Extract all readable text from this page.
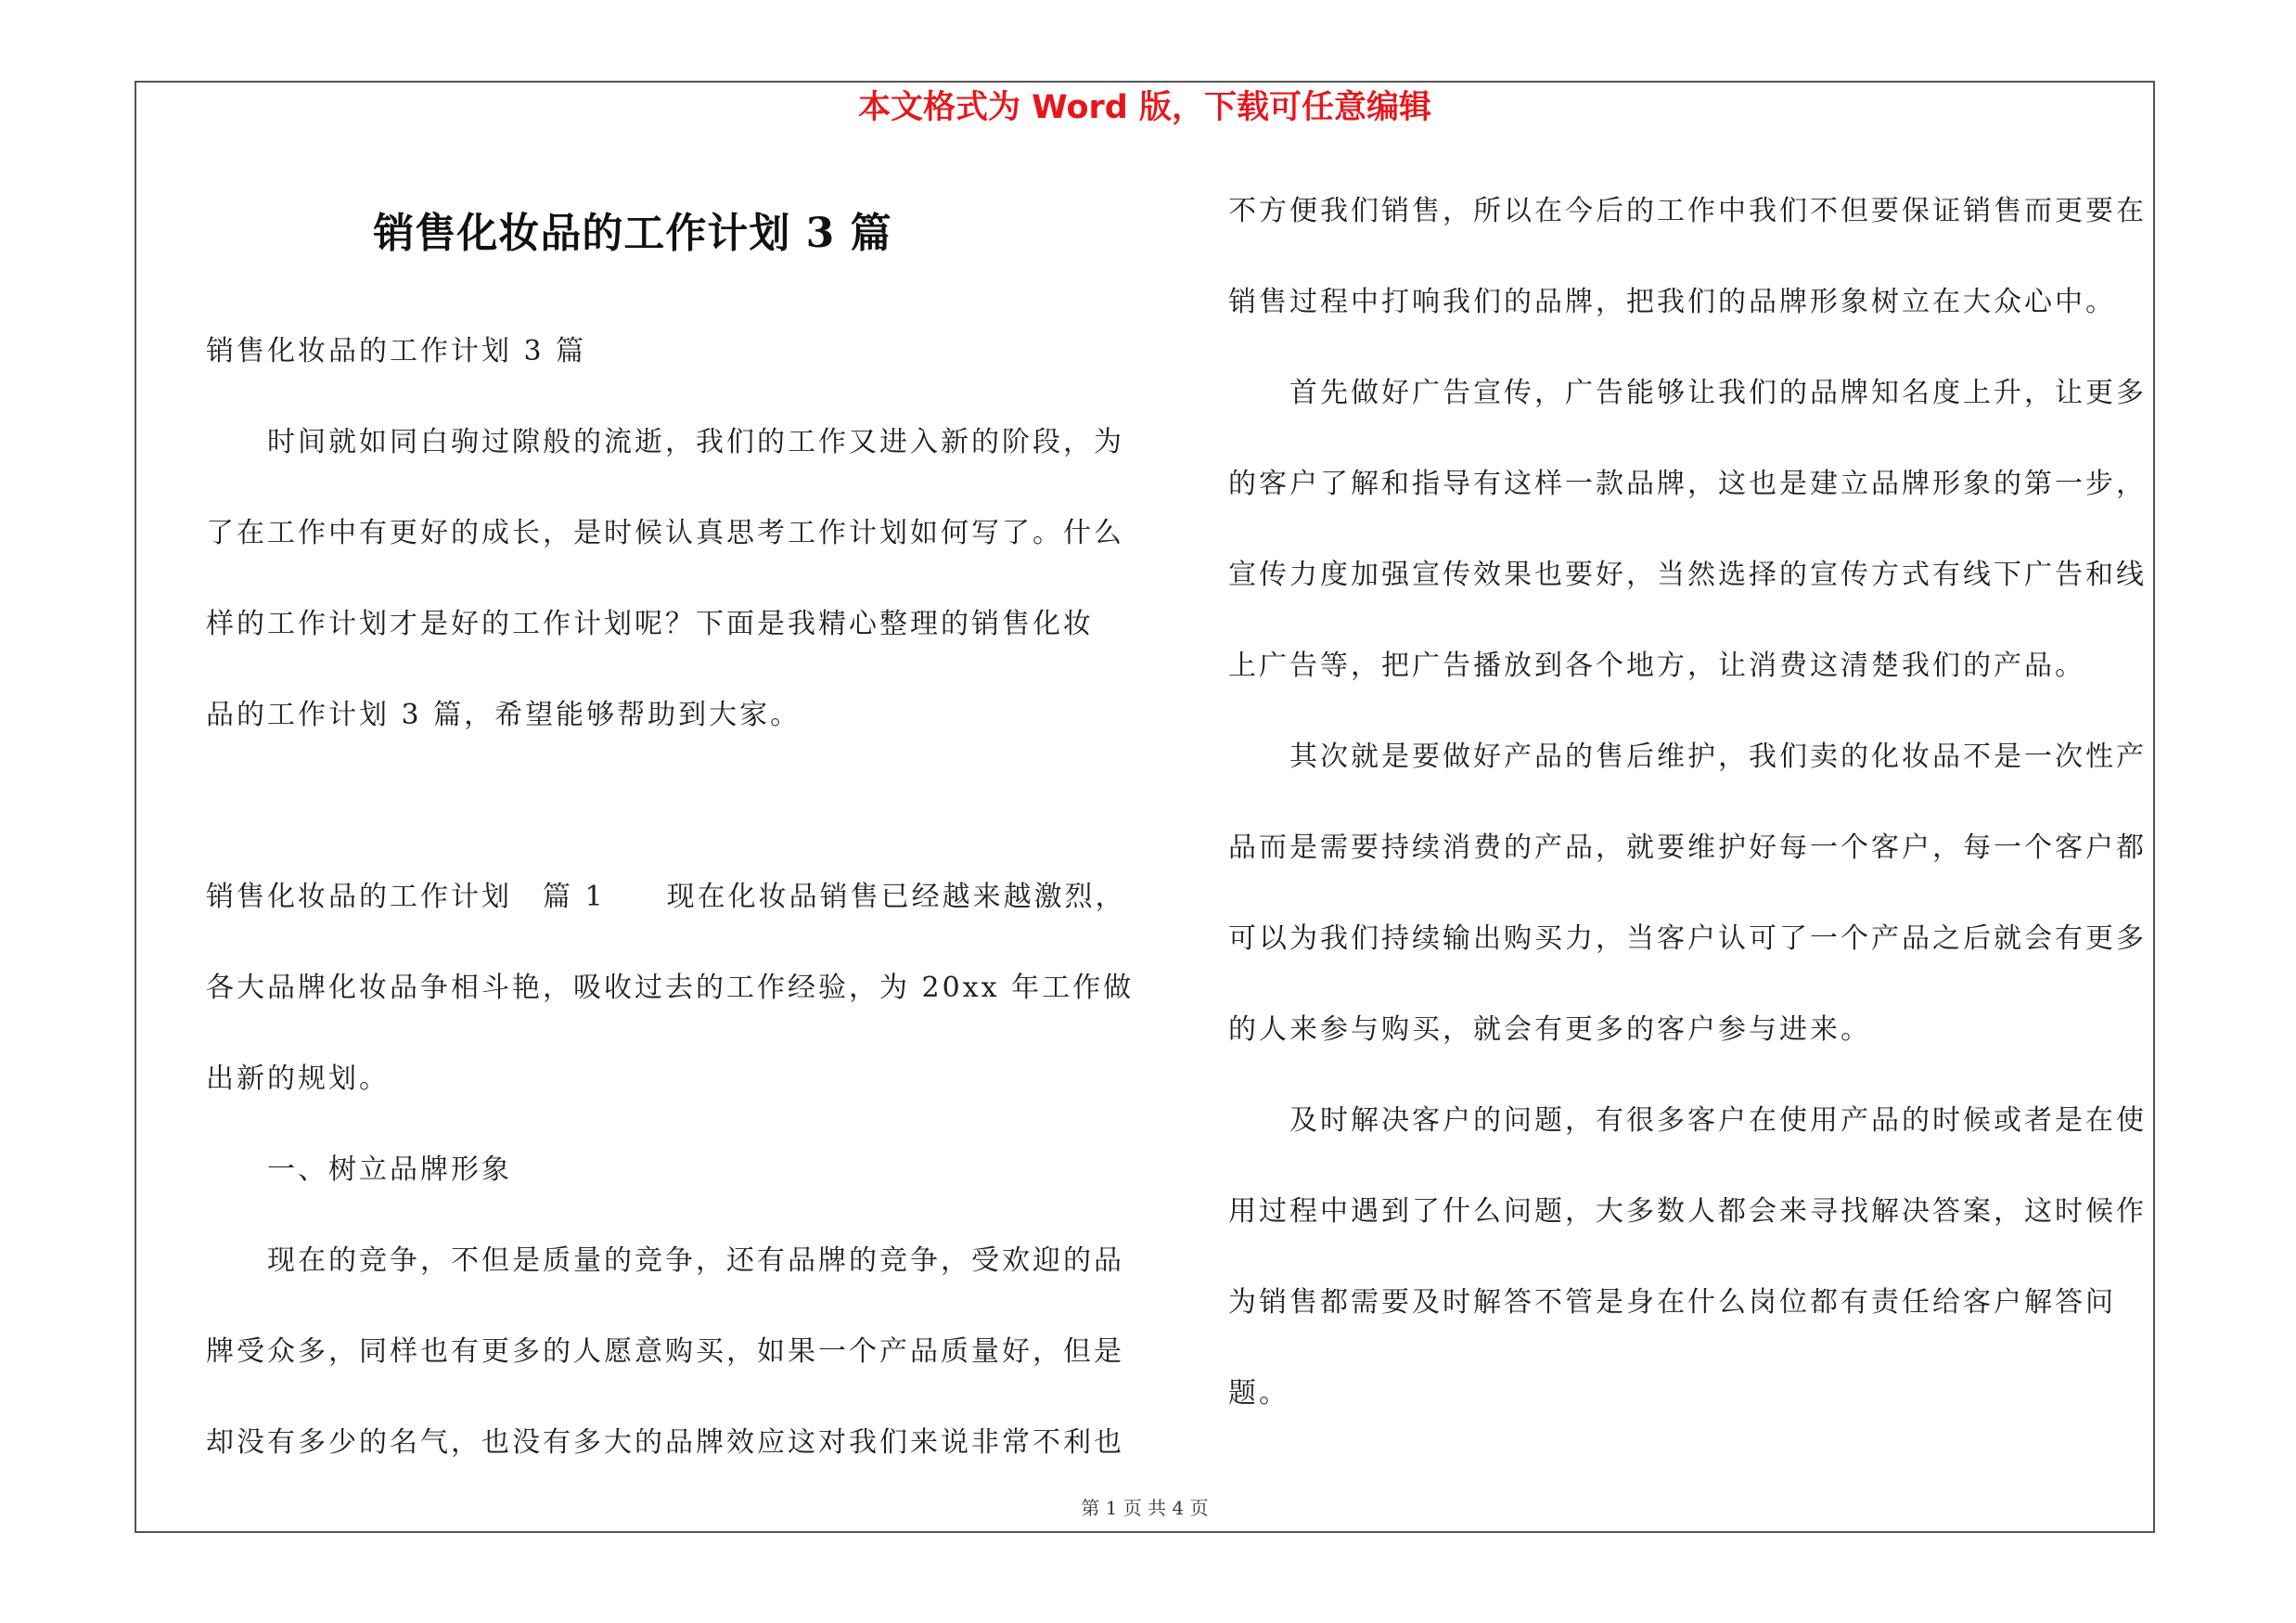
本文格式为 Word 版，下载可任意编辑
销售化妆品的工作计划 3 篇
销售化妆品的工作计划 3 篇
　　时间就如同白驹过隙般的流逝，我们的工作又进入新的阶段，为
了在工作中有更好的成长，是时候认真思考工作计划如何写了。什么
样的工作计划才是好的工作计划呢？下面是我精心整理的销售化妆
品的工作计划 3 篇，希望能够帮助到大家。
销售化妆品的工作计划　篇 1　　现在化妆品销售已经越来越激烈，
各大品牌化妆品争相斗艳，吸收过去的工作经验，为 20xx 年工作做
出新的规划。
　　一、树立品牌形象
　　现在的竞争，不但是质量的竞争，还有品牌的竞争，受欢迎的品
牌受众多，同样也有更多的人愿意购买，如果一个产品质量好，但是
却没有多少的名气，也没有多大的品牌效应这对我们来说非常不利也
不方便我们销售，所以在今后的工作中我们不但要保证销售而更要在
销售过程中打响我们的品牌，把我们的品牌形象树立在大众心中。
　　首先做好广告宣传，广告能够让我们的品牌知名度上升，让更多
的客户了解和指导有这样一款品牌，这也是建立品牌形象的第一步，
宣传力度加强宣传效果也要好，当然选择的宣传方式有线下广告和线
上广告等，把广告播放到各个地方，让消费这清楚我们的产品。
　　其次就是要做好产品的售后维护，我们卖的化妆品不是一次性产
品而是需要持续消费的产品，就要维护好每一个客户，每一个客户都
可以为我们持续输出购买力，当客户认可了一个产品之后就会有更多
的人来参与购买，就会有更多的客户参与进来。
　　及时解决客户的问题，有很多客户在使用产品的时候或者是在使
用过程中遇到了什么问题，大多数人都会来寻找解决答案，这时候作
为销售都需要及时解答不管是身在什么岗位都有责任给客户解答问
题。
第 1 页 共 4 页
